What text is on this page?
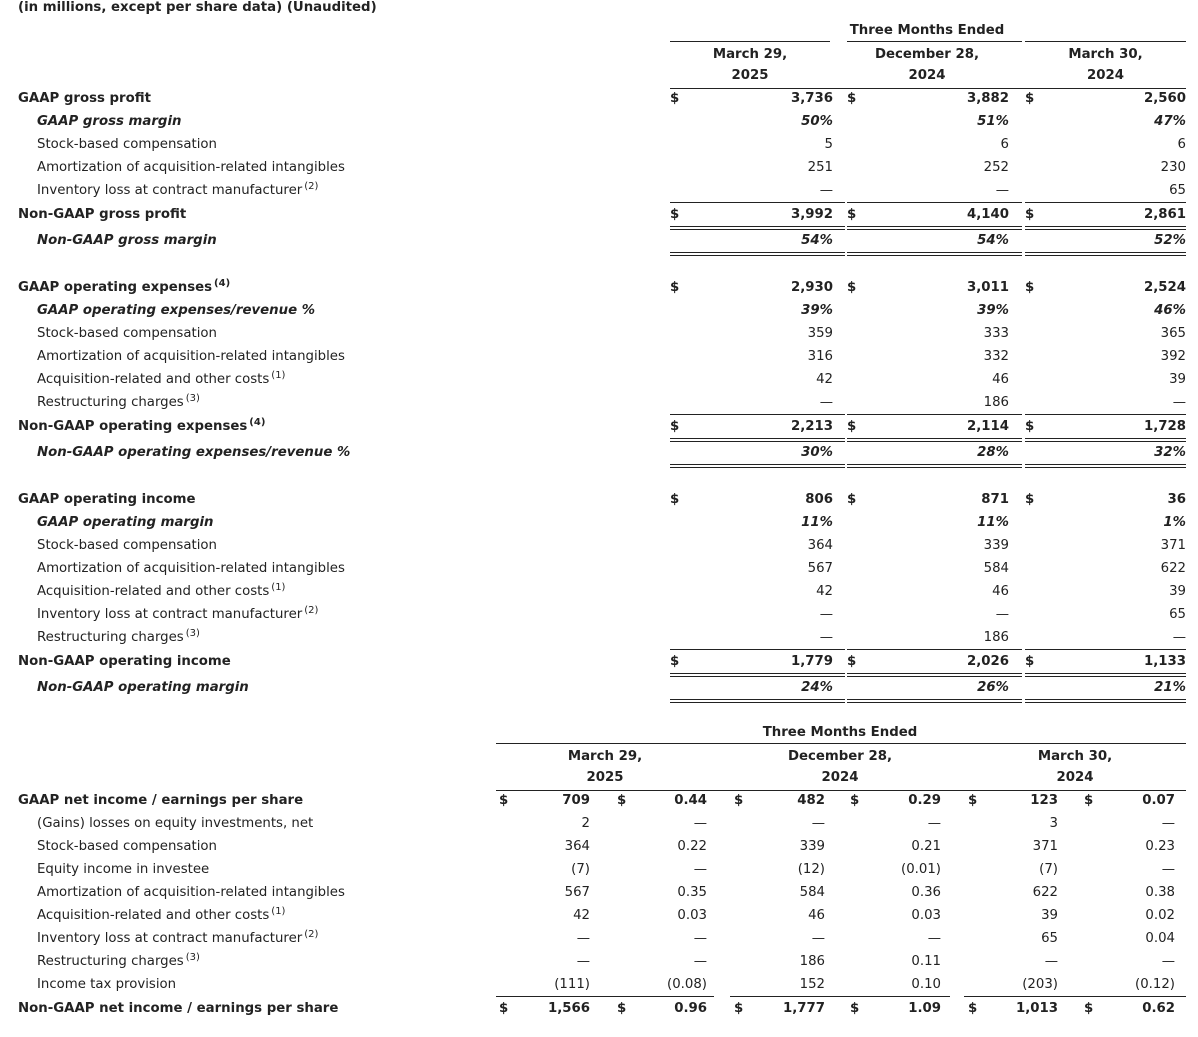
(in millions, except per share data) (Unaudited)
Three Months Ended
March 29,
2025
December 28,
2024
March 30,
2024
GAAP gross profit	$	3,736 $	3,882 $	2,560
GAAP gross margin	50%	51%	47%
Stock-based compensation	5	6	6
Amortization of acquisition-related intangibles	251	252	230
Inventory loss at contract manufacturer $^{(2)}$	—	—	65
Non-GAAP gross profit	$	3,992 $	4,140 $	2,861
Non-GAAP gross margin	54%	54%	52%
GAAP operating expenses $^{(4)}$	$	2,930 $	3,011 $	2,524
GAAP operating expenses/revenue %	39%	39%	46%
Stock-based compensation	359	333	365
Amortization of acquisition-related intangibles	316	332	392
Acquisition-related and other costs $^{(1)}$	42	46	39
Restructuring charges $^{(3)}$	—	186	—
Non-GAAP operating expenses $^{(4)}$	$	2,213 $	2,114 $	1,728
Non-GAAP operating expenses/revenue %	30%	28%	32%
GAAP operating income	$	806 $	871 $	36
GAAP operating margin	11%	11%	1%
Stock-based compensation	364	339	371
Amortization of acquisition-related intangibles	567	584	622
Acquisition-related and other costs $^{(1)}$	42	46	39
Inventory loss at contract manufacturer $^{(2)}$	—	—	65
Restructuring charges $^{(3)}$	—	186	—
Non-GAAP operating income	$	1,779 $	2,026 $	1,133
Non-GAAP operating margin	24%	26%	21%
Three Months Ended
March 29,
2025
December 28,
2024
March 30,
2024
GAAP net income / earnings per share	$	709 $	0.44 $	482 $	0.29 $	123 $	0.07
(Gains) losses on equity investments, net	2	—	—	—	3	—
Stock-based compensation	364	0.22	339	0.21	371	0.23
Equity income in investee	(7)	—	(12)	(0.01)	(7)	—
Amortization of acquisition-related intangibles	567	0.35	584	0.36	622	0.38
Acquisition-related and other costs $^{(1)}$	42	0.03	46	0.03	39	0.02
Inventory loss at contract manufacturer $^{(2)}$	—	—	—	—	65	0.04
Restructuring charges $^{(3)}$	—	—	186	0.11	—	—
Income tax provision	(111)	(0.08)	152	0.10	(203)	(0.12)
Non-GAAP net income / earnings per share	$	1,566 $	0.96 $	1,777 $	1.09 $	1,013 $	0.62
